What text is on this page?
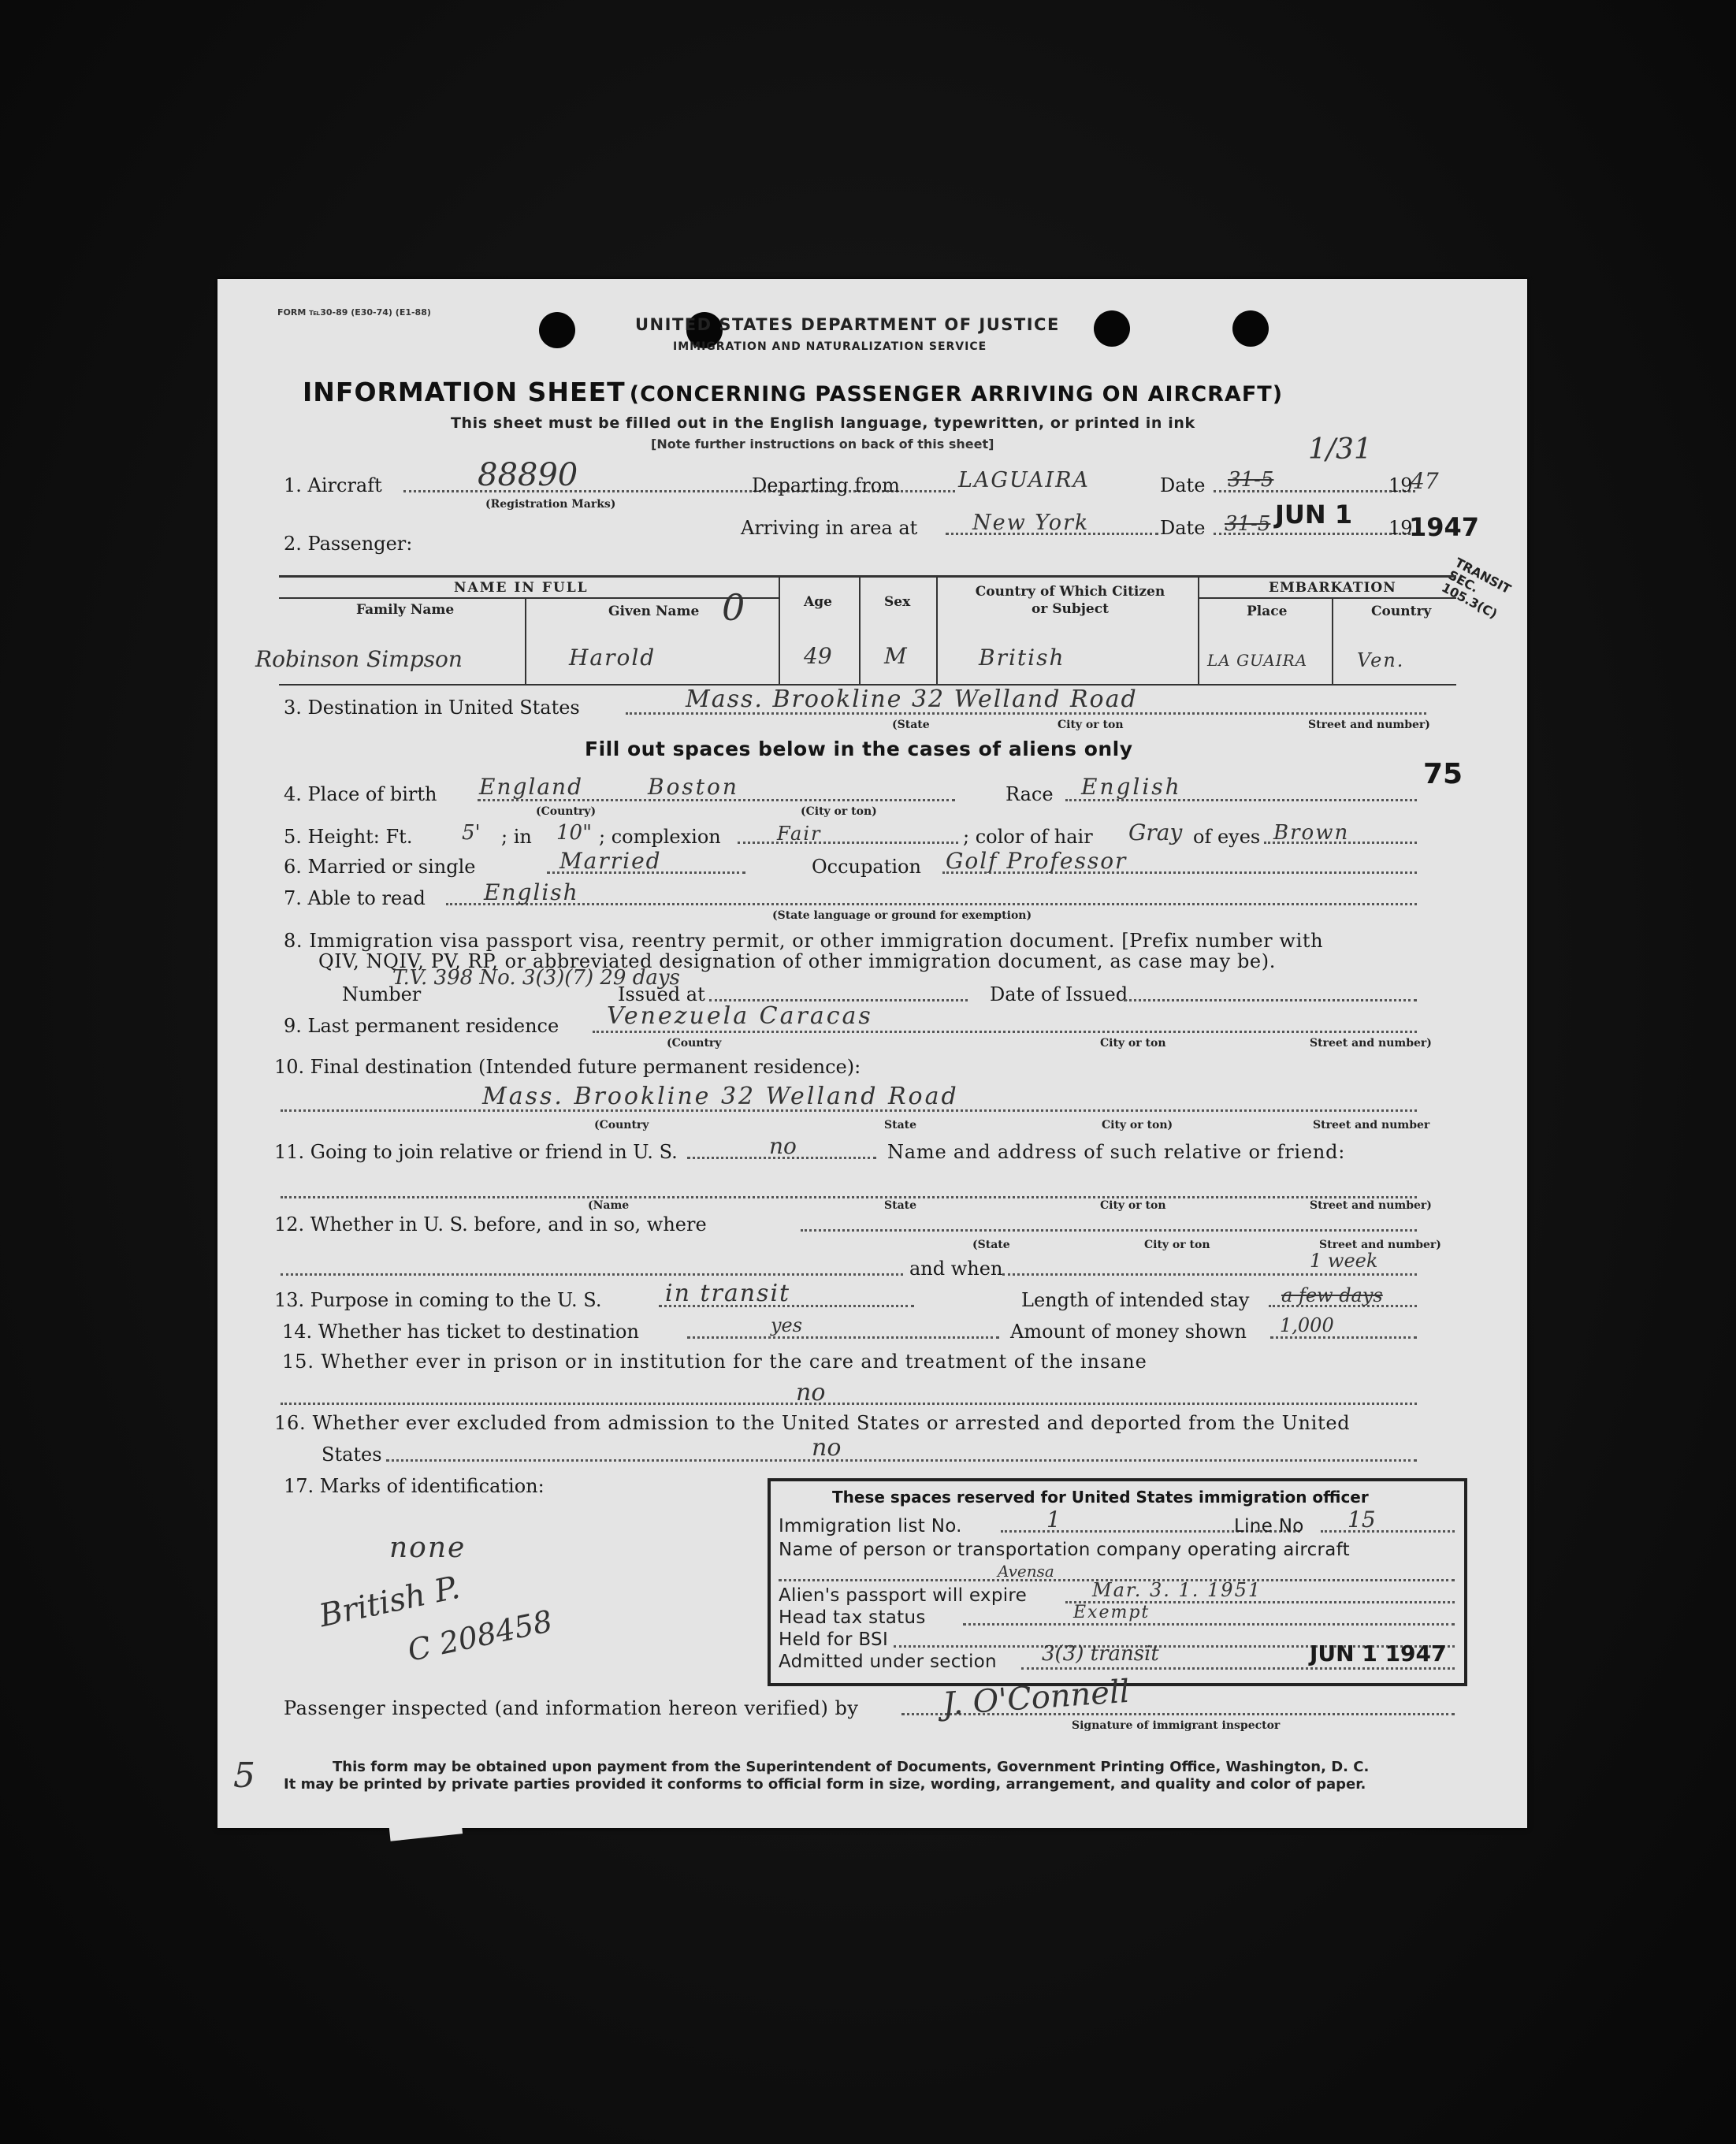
FORM ℡30-89 (E30-74) (E1-88)
UNITED STATES DEPARTMENT OF JUSTICE
IMMIGRATION AND NATURALIZATION SERVICE
INFORMATION SHEET (CONCERNING PASSENGER ARRIVING ON AIRCRAFT)
This sheet must be filled out in the English language, typewritten, or printed in ink
[Note further instructions on back of this sheet]
1. Aircraft	88890
(Registration Marks)
Departing from	LAGUAIRA	Date 31-5	19
47
1/31
Arriving in area at	New York	Date 31-5 JUN 1 19
1947
2. Passenger:
TRANSIT SEC. 105.3(C)
NAME IN FULL
Family Name	Given Name 0	Age	Sex
Country of Which Citizen or Subject
EMBARKATION
Place	Country
Robinson Simpson	Harold	49 M	British	LA GUAIRA	Ven.
3. Destination in United States	Mass. Brookline 32 Welland Road
(State	City or ton	Street and number)
Fill out spaces below in the cases of aliens only
75
4. Place of birth England	Boston
(Country)	(City or ton)
Race English
5. Height: Ft. 5' ; in 10" ; complexion	Fair	; color of hair Gray of eyes Brown
6. Married or single	Married	Occupation Golf Professor
7. Able to read	English
(State language or ground for exemption)
8. Immigration visa passport visa, reentry permit, or other immigration document. [Prefix number with
QIV, NQIV, PV, RP, or abbreviated designation of other immigration document, as case may be).
Number
T.V. 398 No. 3(3)(7) 29 days
Issued at	Date of Issued
9. Last permanent residence Venezuela Caracas
(Country	City or ton	Street and number)
10. Final destination (Intended future permanent residence):
Mass. Brookline 32 Welland Road
(Country	State	City or ton)	Street and number
11. Going to join relative or friend in U. S.	no	Name and address of such relative or friend:
(Name	State	City or ton	Street and number)
12. Whether in U. S. before, and in so, where
(State	City or ton	Street and number)
and when	1 week
13. Purpose in coming to the U. S.	in transit	Length of intended stay a few days
14. Whether has ticket to destination	yes	Amount of money shown 1,000
15. Whether ever in prison or in institution for the care and treatment of the insane
no
16. Whether ever excluded from admission to the United States or arrested and deported from the United
States	no
17. Marks of identification:
none
British P.
C 208458
These spaces reserved for United States immigration officer
Immigration list No.	1	Line No 15
Name of person or transportation company operating aircraft
Avensa
Alien's passport will expire	Mar. 3. 1. 1951
Head tax status	Exempt
Held for BSI
Admitted under section 3(3) transit	JUN 1 1947
Passenger inspected (and information hereon verified) by	J. O'Connell
Signature of immigrant inspector
This form may be obtained upon payment from the Superintendent of Documents, Government Printing Office, Washington, D. C.
It may be printed by private parties provided it conforms to official form in size, wording, arrangement, and quality and color of paper.
5
